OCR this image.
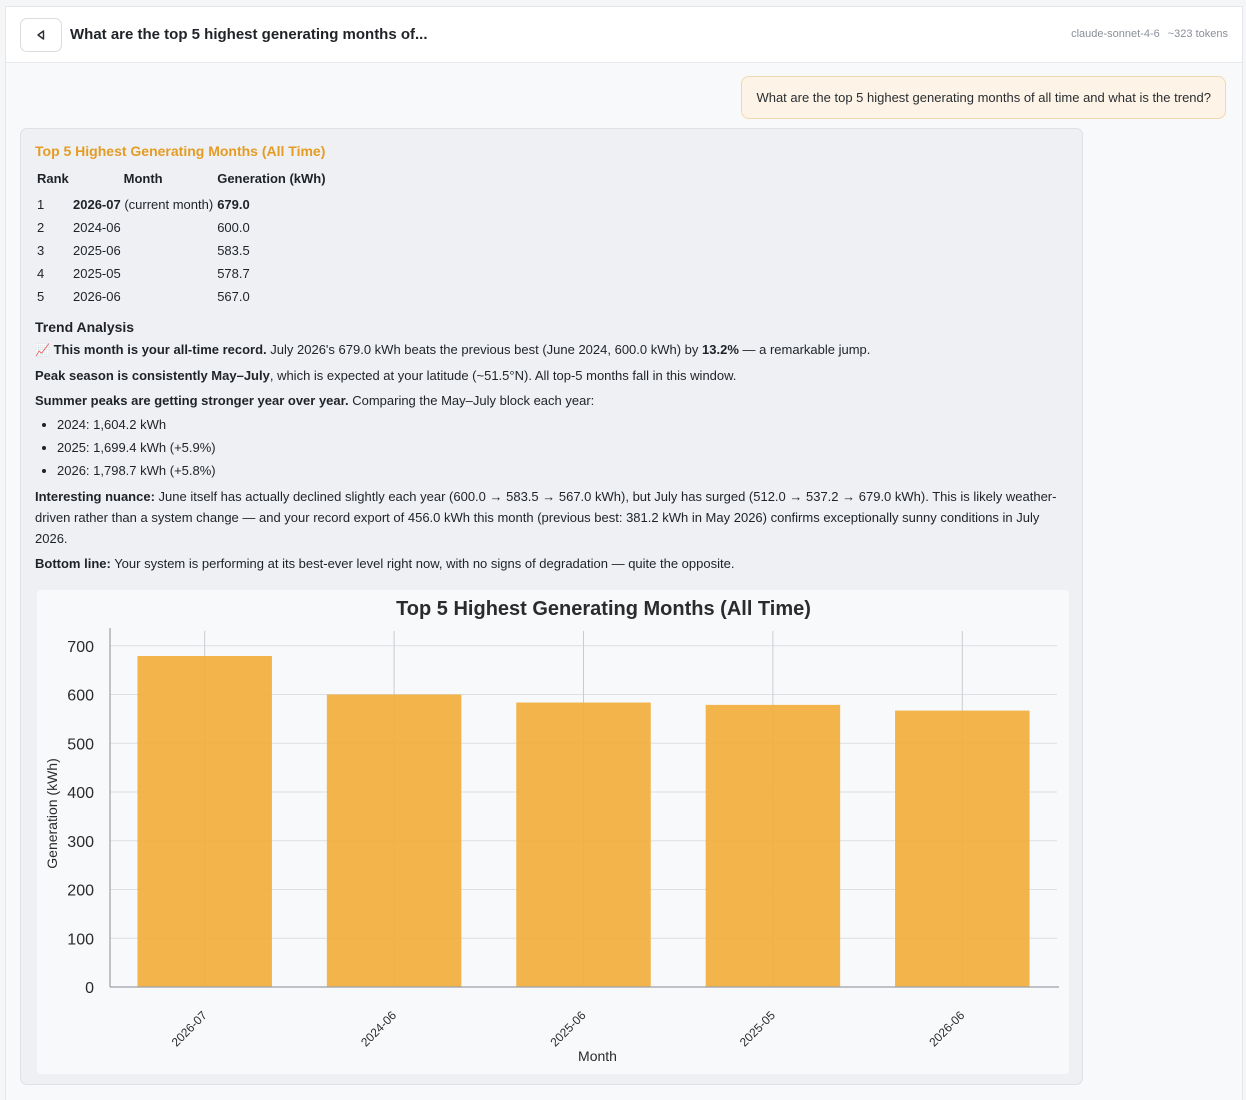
What are the top 5 highest generating months of...	claude-sonnet-4-6 ~323 tokens
What are the top 5 highest generating months of all time and what is the trend?
Top 5 Highest Generating Months (All Time)
Rank	Month	Generation (kWh)
1	2026-07 (current month)	679.0
2	2024-06	600.0
3	2025-06	583.5
4	2025-05	578.7
5	2026-06	567.0
Trend Analysis

📈 This month is your all-time record. July 2026's 679.0 kWh beats the previous best (June 2024, 600.0 kWh) by 13.2% — a remarkable jump.

Peak season is consistently May–July, which is expected at your latitude (~51.5°N). All top-5 months fall in this window.

Summer peaks are getting stronger year over year. Comparing the May–July block each year:

• 2024: 1,604.2 kWh
• 2025: 1,699.4 kWh (+5.9%)
• 2026: 1,798.7 kWh (+5.8%)

Interesting nuance: June itself has actually declined slightly each year (600.0 → 583.5 → 567.0 kWh), but July has surged (512.0 → 537.2 → 679.0 kWh). This is likely weather-driven rather than a system change — and your record export of 456.0 kWh this month (previous best: 381.2 kWh in May 2026) confirms exceptionally sunny conditions in July 2026.

Bottom line: Your system is performing at its best-ever level right now, with no signs of degradation — quite the opposite.

Top 5 Highest Generating Months (All Time)
0
100
200
300
400
500
600
700
2026-07	2024-06	2025-06	2025-05	2026-06
Month
Generation (kWh)
